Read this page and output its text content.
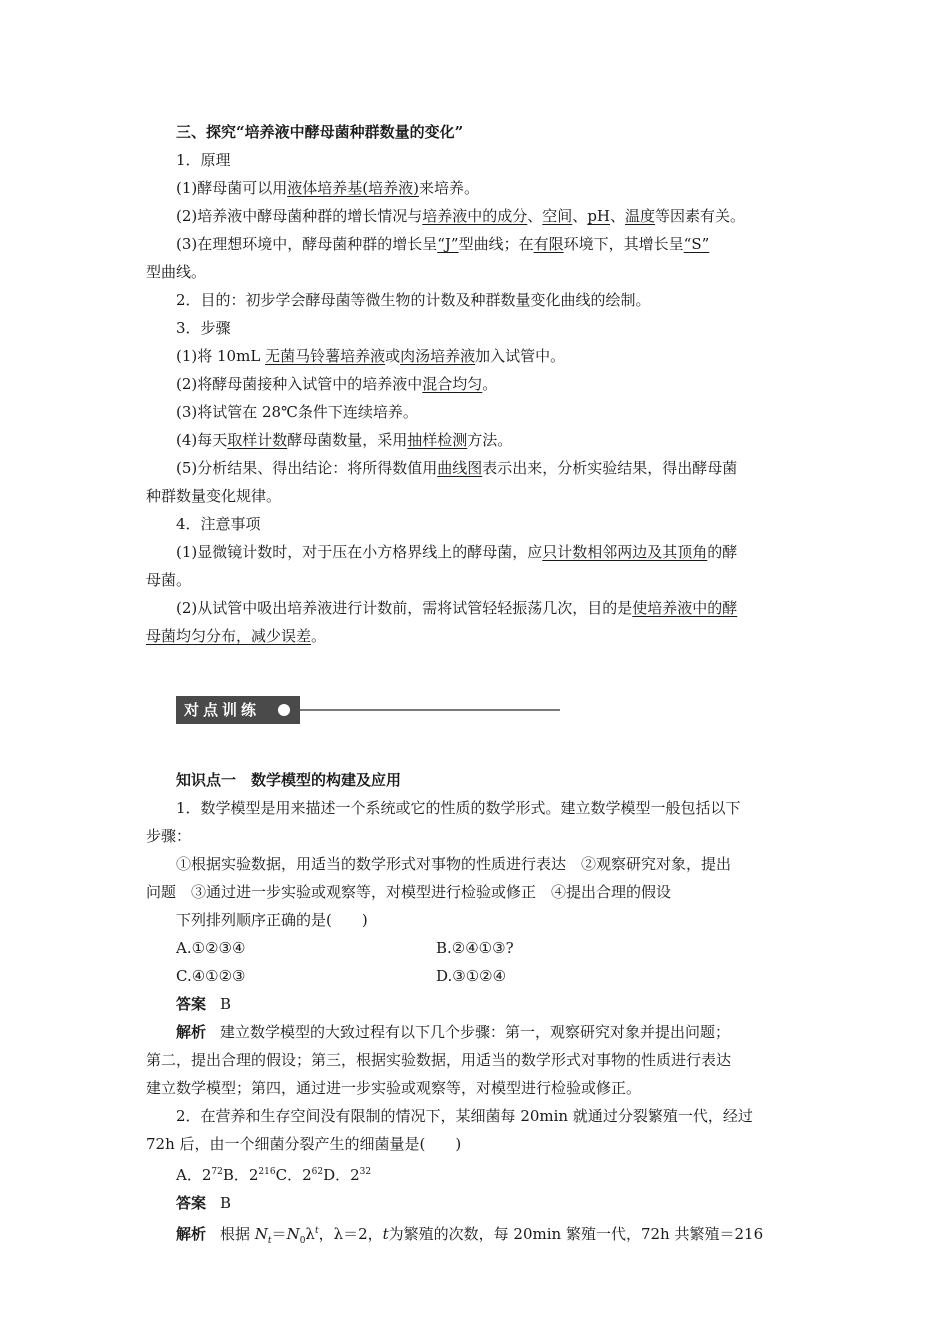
三、探究“培养液中酵母菌种群数量的变化”
1．原理
(1)酵母菌可以用液体培养基(培养液)来培养。
(2)培养液中酵母菌种群的增长情况与培养液中的成分、空间、pH、温度等因素有关。
(3)在理想环境中，酵母菌种群的增长呈“J”型曲线；在有限环境下，其增长呈“S”
型曲线。
2．目的：初步学会酵母菌等微生物的计数及种群数量变化曲线的绘制。
3．步骤
(1)将 10mL 无菌马铃薯培养液或肉汤培养液加入试管中。
(2)将酵母菌接种入试管中的培养液中混合均匀。
(3)将试管在 28℃条件下连续培养。
(4)每天取样计数酵母菌数量，采用抽样检测方法。
(5)分析结果、得出结论：将所得数值用曲线图表示出来，分析实验结果，得出酵母菌
种群数量变化规律。
4．注意事项
(1)显微镜计数时，对于压在小方格界线上的酵母菌，应只计数相邻两边及其顶角的酵
母菌。
(2)从试管中吸出培养液进行计数前，需将试管轻轻振荡几次，目的是使培养液中的酵
母菌均匀分布，减少误差。
对点训练
知识点一　数学模型的构建及应用
1．数学模型是用来描述一个系统或它的性质的数学形式。建立数学模型一般包括以下
步骤：
①根据实验数据，用适当的数学形式对事物的性质进行表达　②观察研究对象，提出
问题　③通过进一步实验或观察等，对模型进行检验或修正　④提出合理的假设
下列排列顺序正确的是(　　)
A.①②③④	B.②④①③?
C.④①②③	D.③①②④
答案 B
解析 建立数学模型的大致过程有以下几个步骤：第一，观察研究对象并提出问题；
第二，提出合理的假设；第三，根据实验数据，用适当的数学形式对事物的性质进行表达
建立数学模型；第四，通过进一步实验或观察等，对模型进行检验或修正。
2．在营养和生存空间没有限制的情况下，某细菌每 20min 就通过分裂繁殖一代，经过
72h 后，由一个细菌分裂产生的细菌量是(　　)
A．$2^{72}B$．$2^{216}C$．$2^{62}D$．$2^{32}$
答案 B
解析 根据 $N_t=N_0\lambda^t$，λ＝2，t为繁殖的次数，每 20min 繁殖一代，72h 共繁殖＝216
